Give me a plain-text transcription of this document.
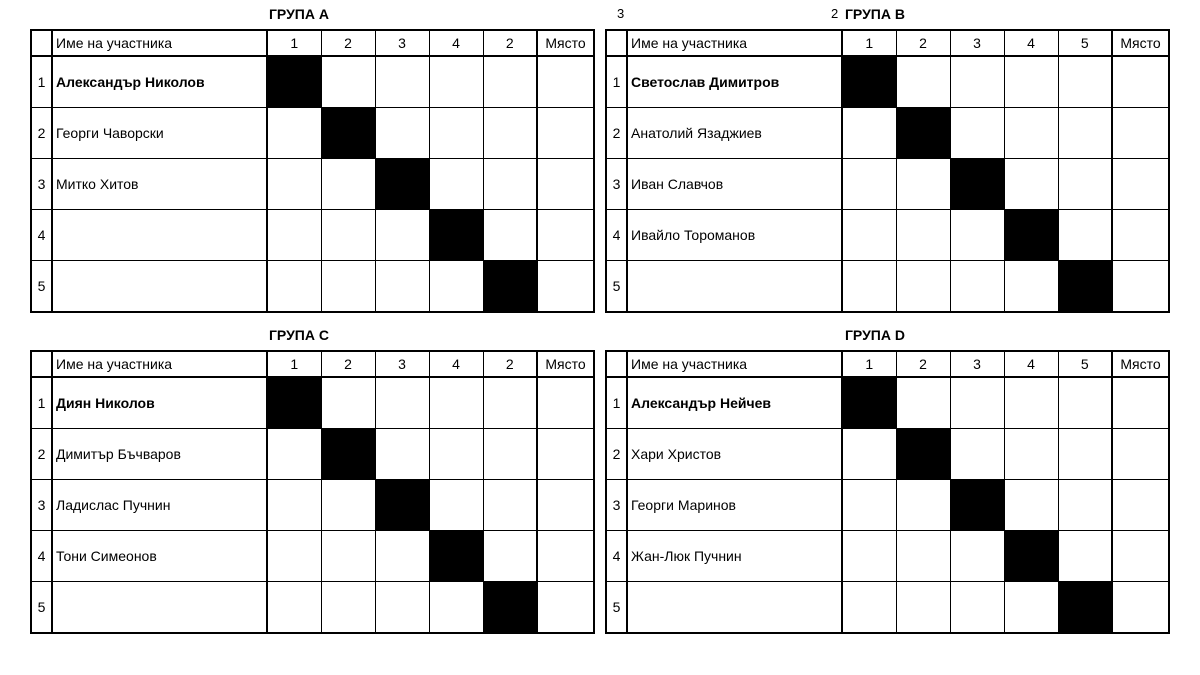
3	2
ГРУПА A
	Име на участника	1	2	3	4	2	Място
1	Александър Николов						
2	Георги Чаворски						
3	Митко Хитов						
4							
5							
ГРУПА B
	Име на участника	1	2	3	4	5	Място
1	Светослав Димитров						
2	Анатолий Язаджиев						
3	Иван Славчов						
4	Ивайло Тороманов						
5							
ГРУПА C
	Име на участника	1	2	3	4	2	Място
1	Диян Николов						
2	Димитър Бъчваров						
3	Ладислас Пучнин						
4	Тони Симеонов						
5							
ГРУПА D
	Име на участника	1	2	3	4	5	Място
1	Александър Нейчев						
2	Хари Христов						
3	Георги Маринов						
4	Жан-Люк Пучнин						
5							
